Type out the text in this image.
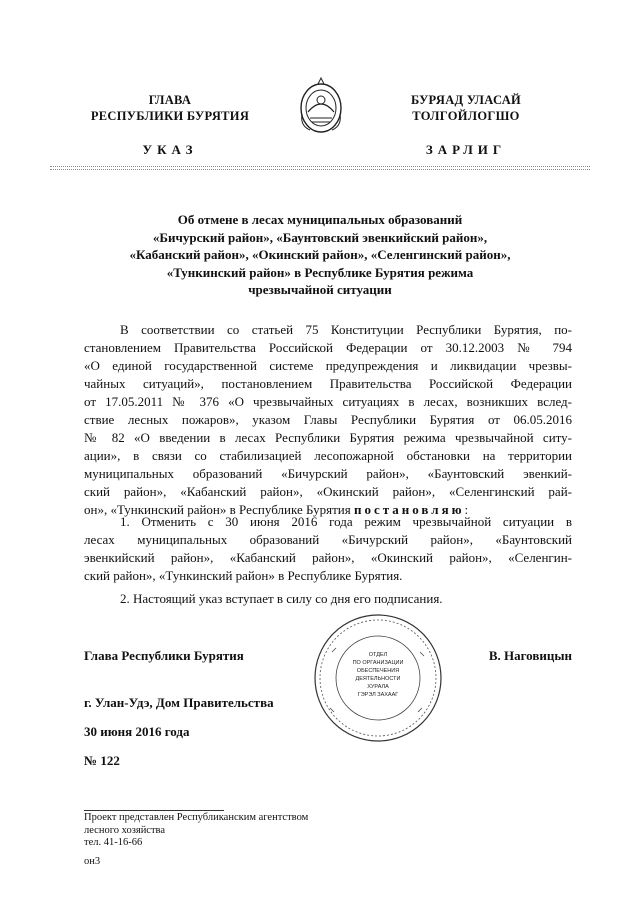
ГЛАВА
РЕСПУБЛИКИ БУРЯТИЯ
БУРЯАД УЛАСАЙ
ТОЛГОЙЛОГШО
УКАЗ	ЗАРЛИГ
Об отмене в лесах муниципальных образований
«Бичурский район», «Баунтовский эвенкийский район»,
«Кабанский район», «Окинский район», «Селенгинский район»,
«Тункинский район» в Республике Бурятия режима
чрезвычайной ситуации
В соответствии со статьей 75 Конституции Республики Бурятия, по-
становлением Правительства Российской Федерации от 30.12.2003 № 794
«О единой государственной системе предупреждения и ликвидации чрезвы-
чайных ситуаций», постановлением Правительства Российской Федерации
от 17.05.2011 № 376 «О чрезвычайных ситуациях в лесах, возникших вслед-
ствие лесных пожаров», указом Главы Республики Бурятия от 06.05.2016
№ 82 «О введении в лесах Республики Бурятия режима чрезвычайной ситу-
ации», в связи со стабилизацией лесопожарной обстановки на территории
муниципальных образований «Бичурский район», «Баунтовский эвенкий-
ский район», «Кабанский район», «Окинский район», «Селенгинский рай-
он», «Тункинский район» в Республике Бурятия постановляю:
1. Отменить с 30 июня 2016 года режим чрезвычайной ситуации в
лесах муниципальных образований «Бичурский район», «Баунтовский
эвенкийский район», «Кабанский район», «Окинский район», «Селенгин-
ский район», «Тункинский район» в Республике Бурятия.
2. Настоящий указ вступает в силу со дня его подписания.
ОТДЕЛ
ПО ОРГАНИЗАЦИИ
ОБЕСПЕЧЕНИЯ
ДЕЯТЕЛЬНОСТИ
ХУРАЛА
ГЭРЭЛ ЗАХААГ
Глава Республики Бурятия	В. Наговицын
г. Улан-Удэ, Дом Правительства
30 июня 2016 года
№ 122
Проект представлен Республиканским агентством
лесного хозяйства
тел. 41-16-66
он3
